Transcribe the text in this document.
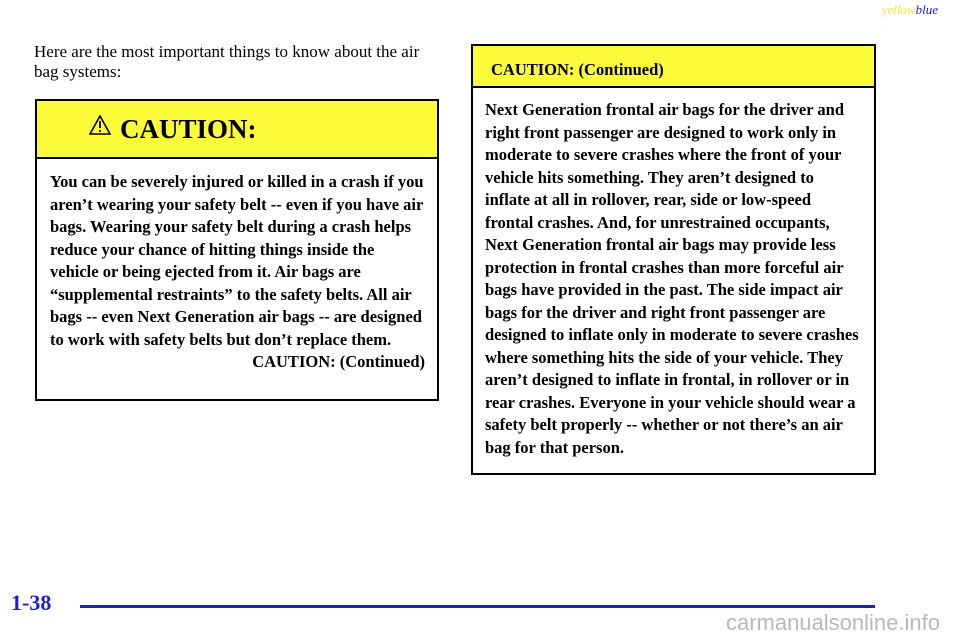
yellowblue
Here are the most important things to know about the air bag systems:
CAUTION:
You can be severely injured or killed in a crash if you aren’t wearing your safety belt -- even if you have air bags. Wearing your safety belt during a crash helps reduce your chance of hitting things inside the vehicle or being ejected from it. Air bags are “supplemental restraints” to the safety belts. All air bags -- even Next Generation air bags -- are designed to work with safety belts but don’t replace them.
CAUTION: (Continued)
CAUTION: (Continued)
Next Generation frontal air bags for the driver and right front passenger are designed to work only in moderate to severe crashes where the front of your vehicle hits something. They aren’t designed to inflate at all in rollover, rear, side or low-speed frontal crashes. And, for unrestrained occupants, Next Generation frontal air bags may provide less protection in frontal crashes than more forceful air bags have provided in the past. The side impact air bags for the driver and right front passenger are designed to inflate only in moderate to severe crashes where something hits the side of your vehicle. They aren’t designed to inflate in frontal, in rollover or in rear crashes. Everyone in your vehicle should wear a safety belt properly -- whether or not there’s an air bag for that person.
1-38
carmanualsonline.info
